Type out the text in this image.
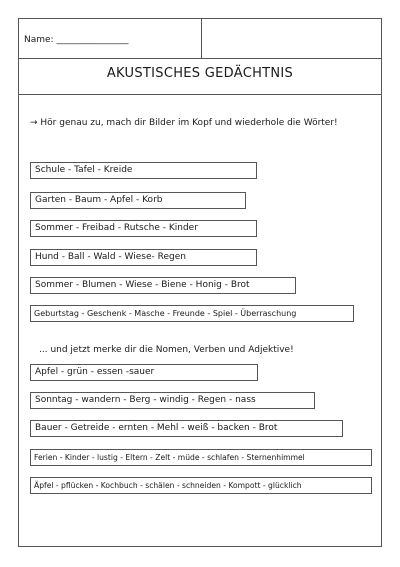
Name: ________________
AKUSTISCHES GEDÄCHTNIS
→ Hör genau zu, mach dir Bilder im Kopf und wiederhole die Wörter!
Schule - Tafel - Kreide
Garten - Baum - Apfel - Korb
Sommer - Freibad - Rutsche - Kinder
Hund - Ball - Wald - Wiese- Regen
Sommer - Blumen - Wiese - Biene - Honig - Brot
Geburtstag - Geschenk - Masche - Freunde - Spiel - Überraschung
... und jetzt merke dir die Nomen, Verben und Adjektive!
Apfel - grün - essen -sauer
Sonntag - wandern - Berg - windig - Regen - nass
Bauer - Getreide - ernten - Mehl - weiß - backen - Brot
Ferien - Kinder - lustig - Eltern - Zelt - müde - schlafen - Sternenhimmel
Äpfel - pflücken - Kochbuch - schälen - schneiden - Kompott - glücklich
